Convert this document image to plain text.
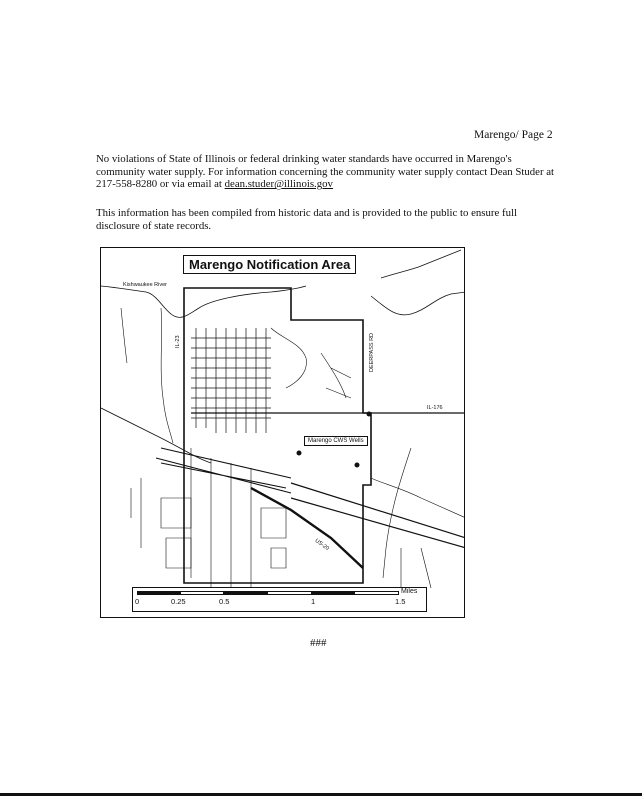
Marengo/ Page 2
No violations of State of Illinois or federal drinking water standards have occurred in Marengo's community water supply. For information concerning the community water supply contact Dean Studer at 217-558-8280 or via email at dean.studer@illinois.gov
This information has been compiled from historic data and is provided to the public to ensure full disclosure of state records.
Marengo Notification Area
Kishwaukee River
IL-23	DEERPASS RD
IL-176
US-20
Marengo CWS Wells
Miles
0	0.25	0.5	1	1.5
###
